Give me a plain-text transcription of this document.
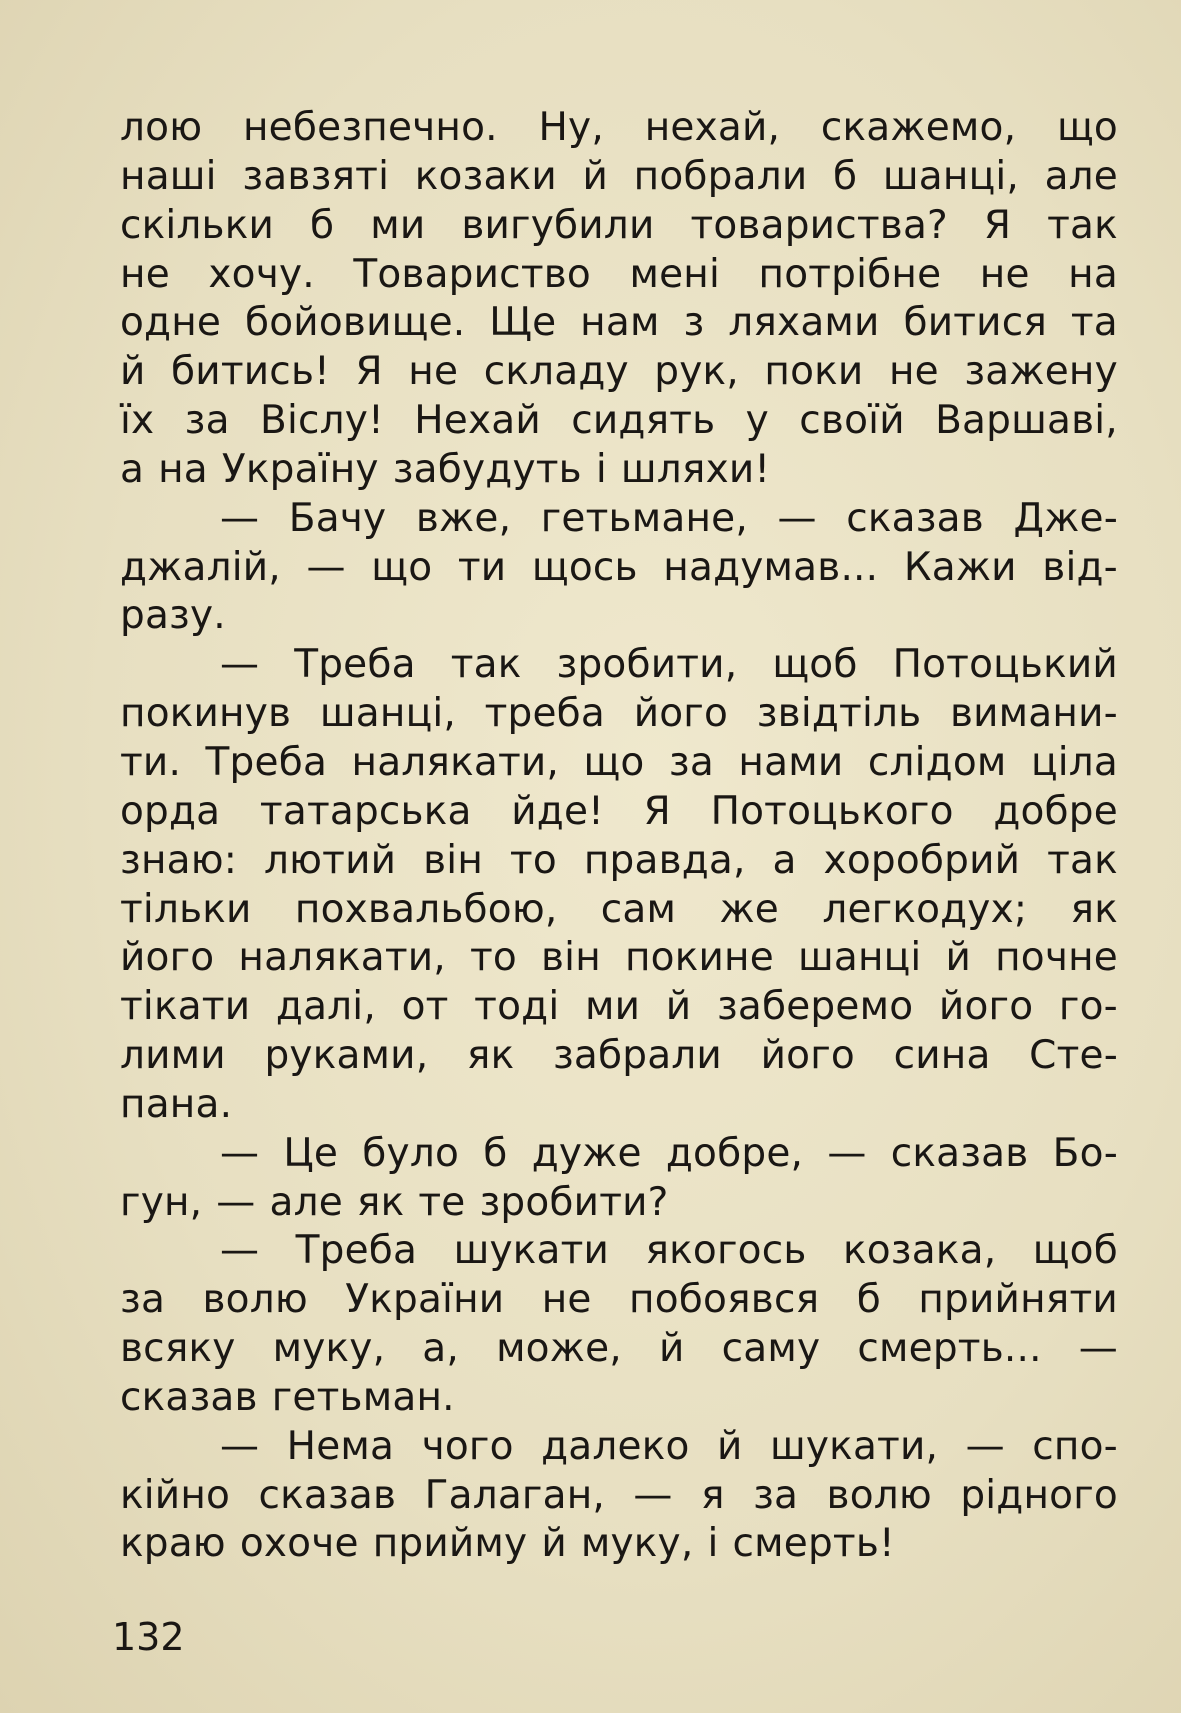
лою небезпечно. Ну, нехай, скажемо, що
наші завзяті козаки й побрали б шанці, але
скільки б ми вигубили товариства? Я так
не хочу. Товариство мені потрібне не на
одне бойовище. Ще нам з ляхами битися та
й битись! Я не складу рук, поки не зажену
їх за Віслу! Нехай сидять у своїй Варшаві,
а на Україну забудуть і шляхи!
— Бачу вже, гетьмане, — сказав Дже-
джалій, — що ти щось надумав... Кажи від-
разу.
— Треба так зробити, щоб Потоцький
покинув шанці, треба його звідтіль вимани-
ти. Треба налякати, що за нами слідом ціла
орда татарська йде! Я Потоцького добре
знаю: лютий він то правда, а хоробрий так
тільки похвальбою, сам же легкодух; як
його налякати, то він покине шанці й почне
тікати далі, от тоді ми й заберемо його го-
лими руками, як забрали його сина Сте-
пана.
— Це було б дуже добре, — сказав Бо-
гун, — але як те зробити?
— Треба шукати якогось козака, щоб
за волю України не побоявся б прийняти
всяку муку, а, може, й саму смерть... —
сказав гетьман.
— Нема чого далеко й шукати, — спо-
кійно сказав Галаган, — я за волю рідного
краю охоче прийму й муку, і смерть!
132
